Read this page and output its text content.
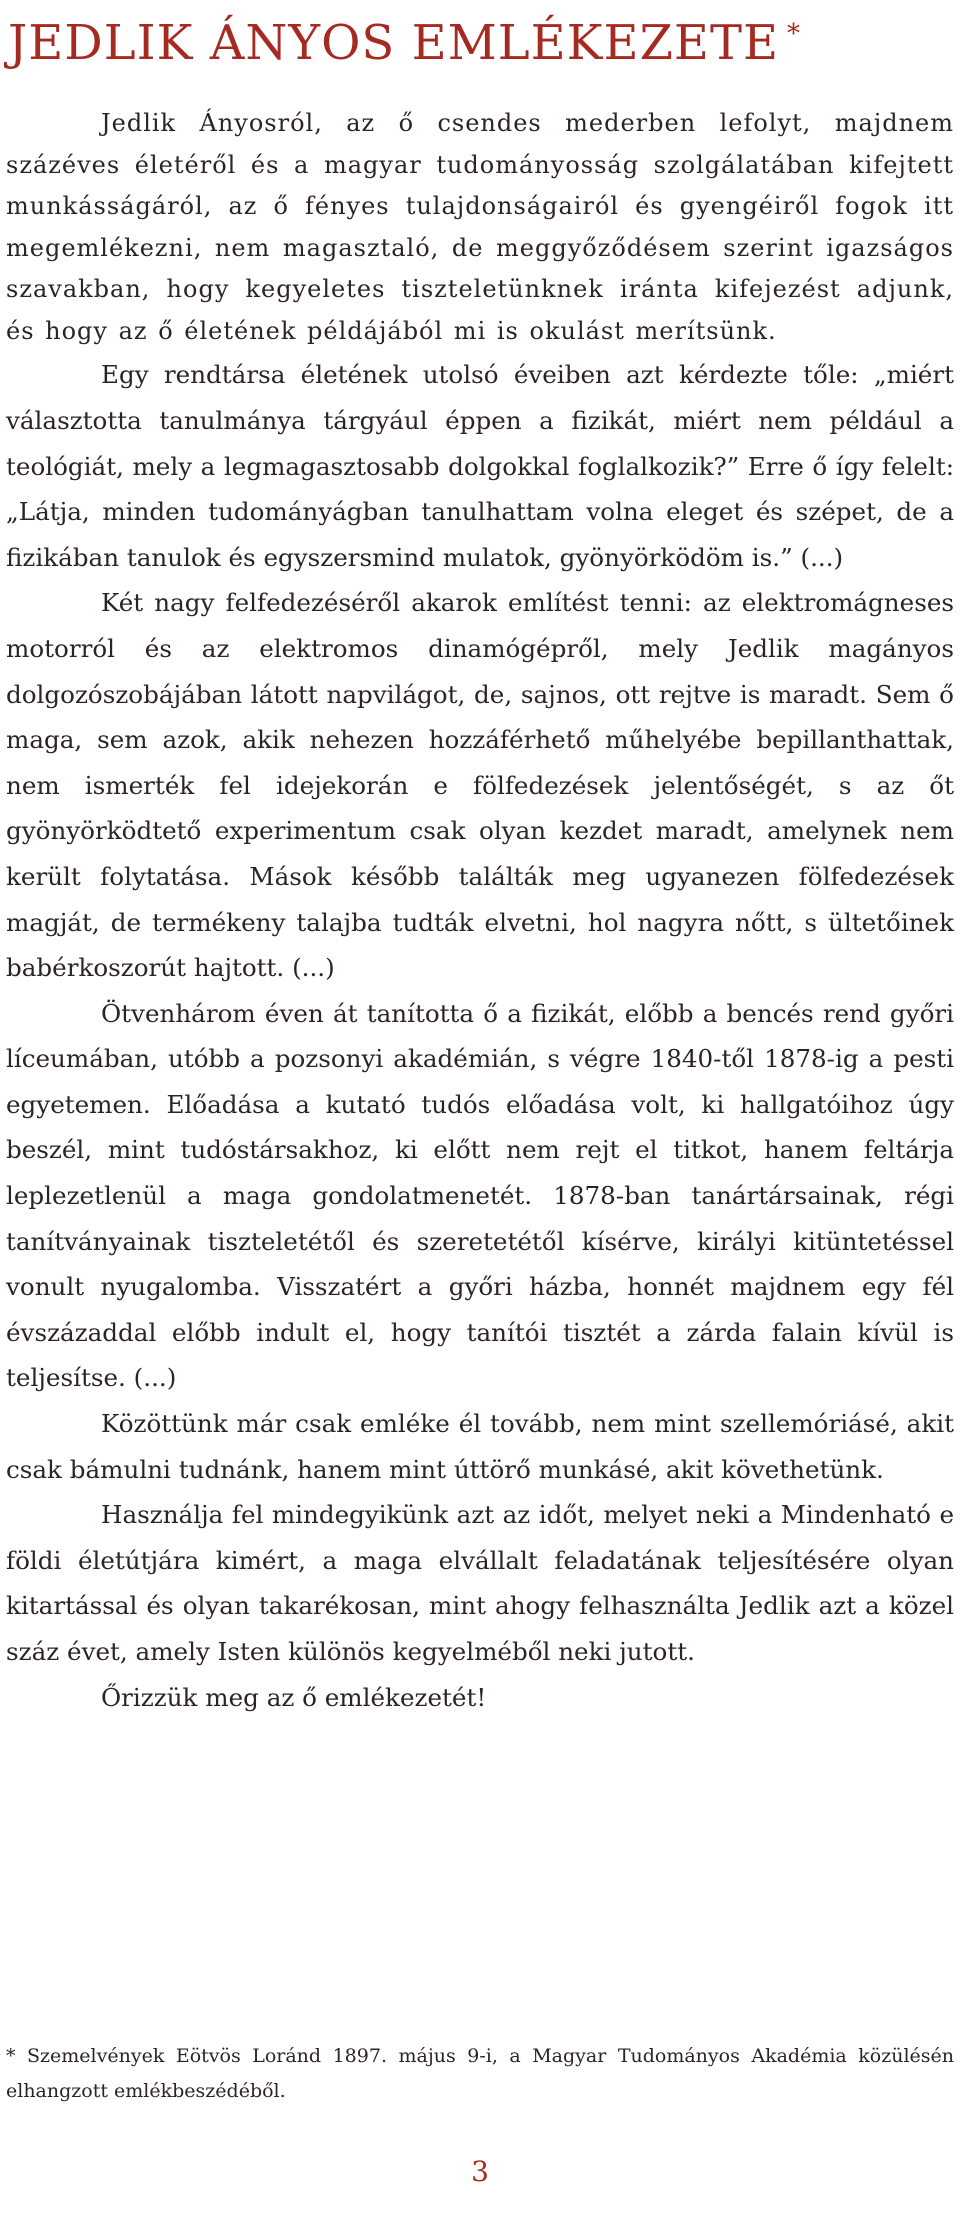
JEDLIK ÁNYOS EMLÉKEZETE *

Jedlik Ányosról, az ő csendes mederben lefolyt, majdnem százéves életéről és a magyar tudományosság szolgálatában kifejtett munkásságáról, az ő fényes tulajdonságairól és gyengéiről fogok itt megemlékezni, nem magasztaló, de meggyőződésem szerint igazságos szavakban, hogy kegyeletes tiszteletünknek iránta kifejezést adjunk, és hogy az ő életének példájából mi is okulást merítsünk.

Egy rendtársa életének utolsó éveiben azt kérdezte tőle: „miért választotta tanulmánya tárgyául éppen a fizikát, miért nem például a teológiát, mely a legmagasztosabb dolgokkal foglalkozik?” Erre ő így felelt: „Látja, minden tudományágban tanulhattam volna eleget és szépet, de a fizikában tanulok és egyszersmind mulatok, gyönyörködöm is.” (...)

Két nagy felfedezéséről akarok említést tenni: az elektromágneses motorról és az elektromos dinamógépről, mely Jedlik magányos dolgozószobájában látott napvilágot, de, sajnos, ott rejtve is maradt. Sem ő maga, sem azok, akik nehezen hozzáférhető műhelyébe bepillanthattak, nem ismerték fel idejekorán e fölfedezések jelentőségét, s az őt gyönyörködtető experimentum csak olyan kezdet maradt, amelynek nem került folytatása. Mások később találták meg ugyanezen fölfedezések magját, de termékeny talajba tudták elvetni, hol nagyra nőtt, s ültetőinek babérkoszorút hajtott. (...)

Ötvenhárom éven át tanította ő a fizikát, előbb a bencés rend győri líceumában, utóbb a pozsonyi akadémián, s végre 1840-től 1878-ig a pesti egyetemen. Előadása a kutató tudós előadása volt, ki hallgatóihoz úgy beszél, mint tudóstársakhoz, ki előtt nem rejt el titkot, hanem feltárja leplezetlenül a maga gondolatmenetét. 1878-ban tanártársainak, régi tanítványainak tiszteletétől és szeretetétől kísérve, királyi kitüntetéssel vonult nyugalomba. Visszatért a győri házba, honnét majdnem egy fél évszázaddal előbb indult el, hogy tanítói tisztét a zárda falain kívül is teljesítse. (...)

Közöttünk már csak emléke él tovább, nem mint szellemóriásé, akit csak bámulni tudnánk, hanem mint úttörő munkásé, akit követhetünk.

Használja fel mindegyikünk azt az időt, melyet neki a Mindenható e földi életútjára kimért, a maga elvállalt feladatának teljesítésére olyan kitartással és olyan takarékosan, mint ahogy felhasználta Jedlik azt a közel száz évet, amely Isten különös kegyelméből neki jutott.

Őrizzük meg az ő emlékezetét!

* Szemelvények Eötvös Loránd 1897. május 9-i, a Magyar Tudományos Akadémia közülésén elhangzott emlékbeszédéből.

3
